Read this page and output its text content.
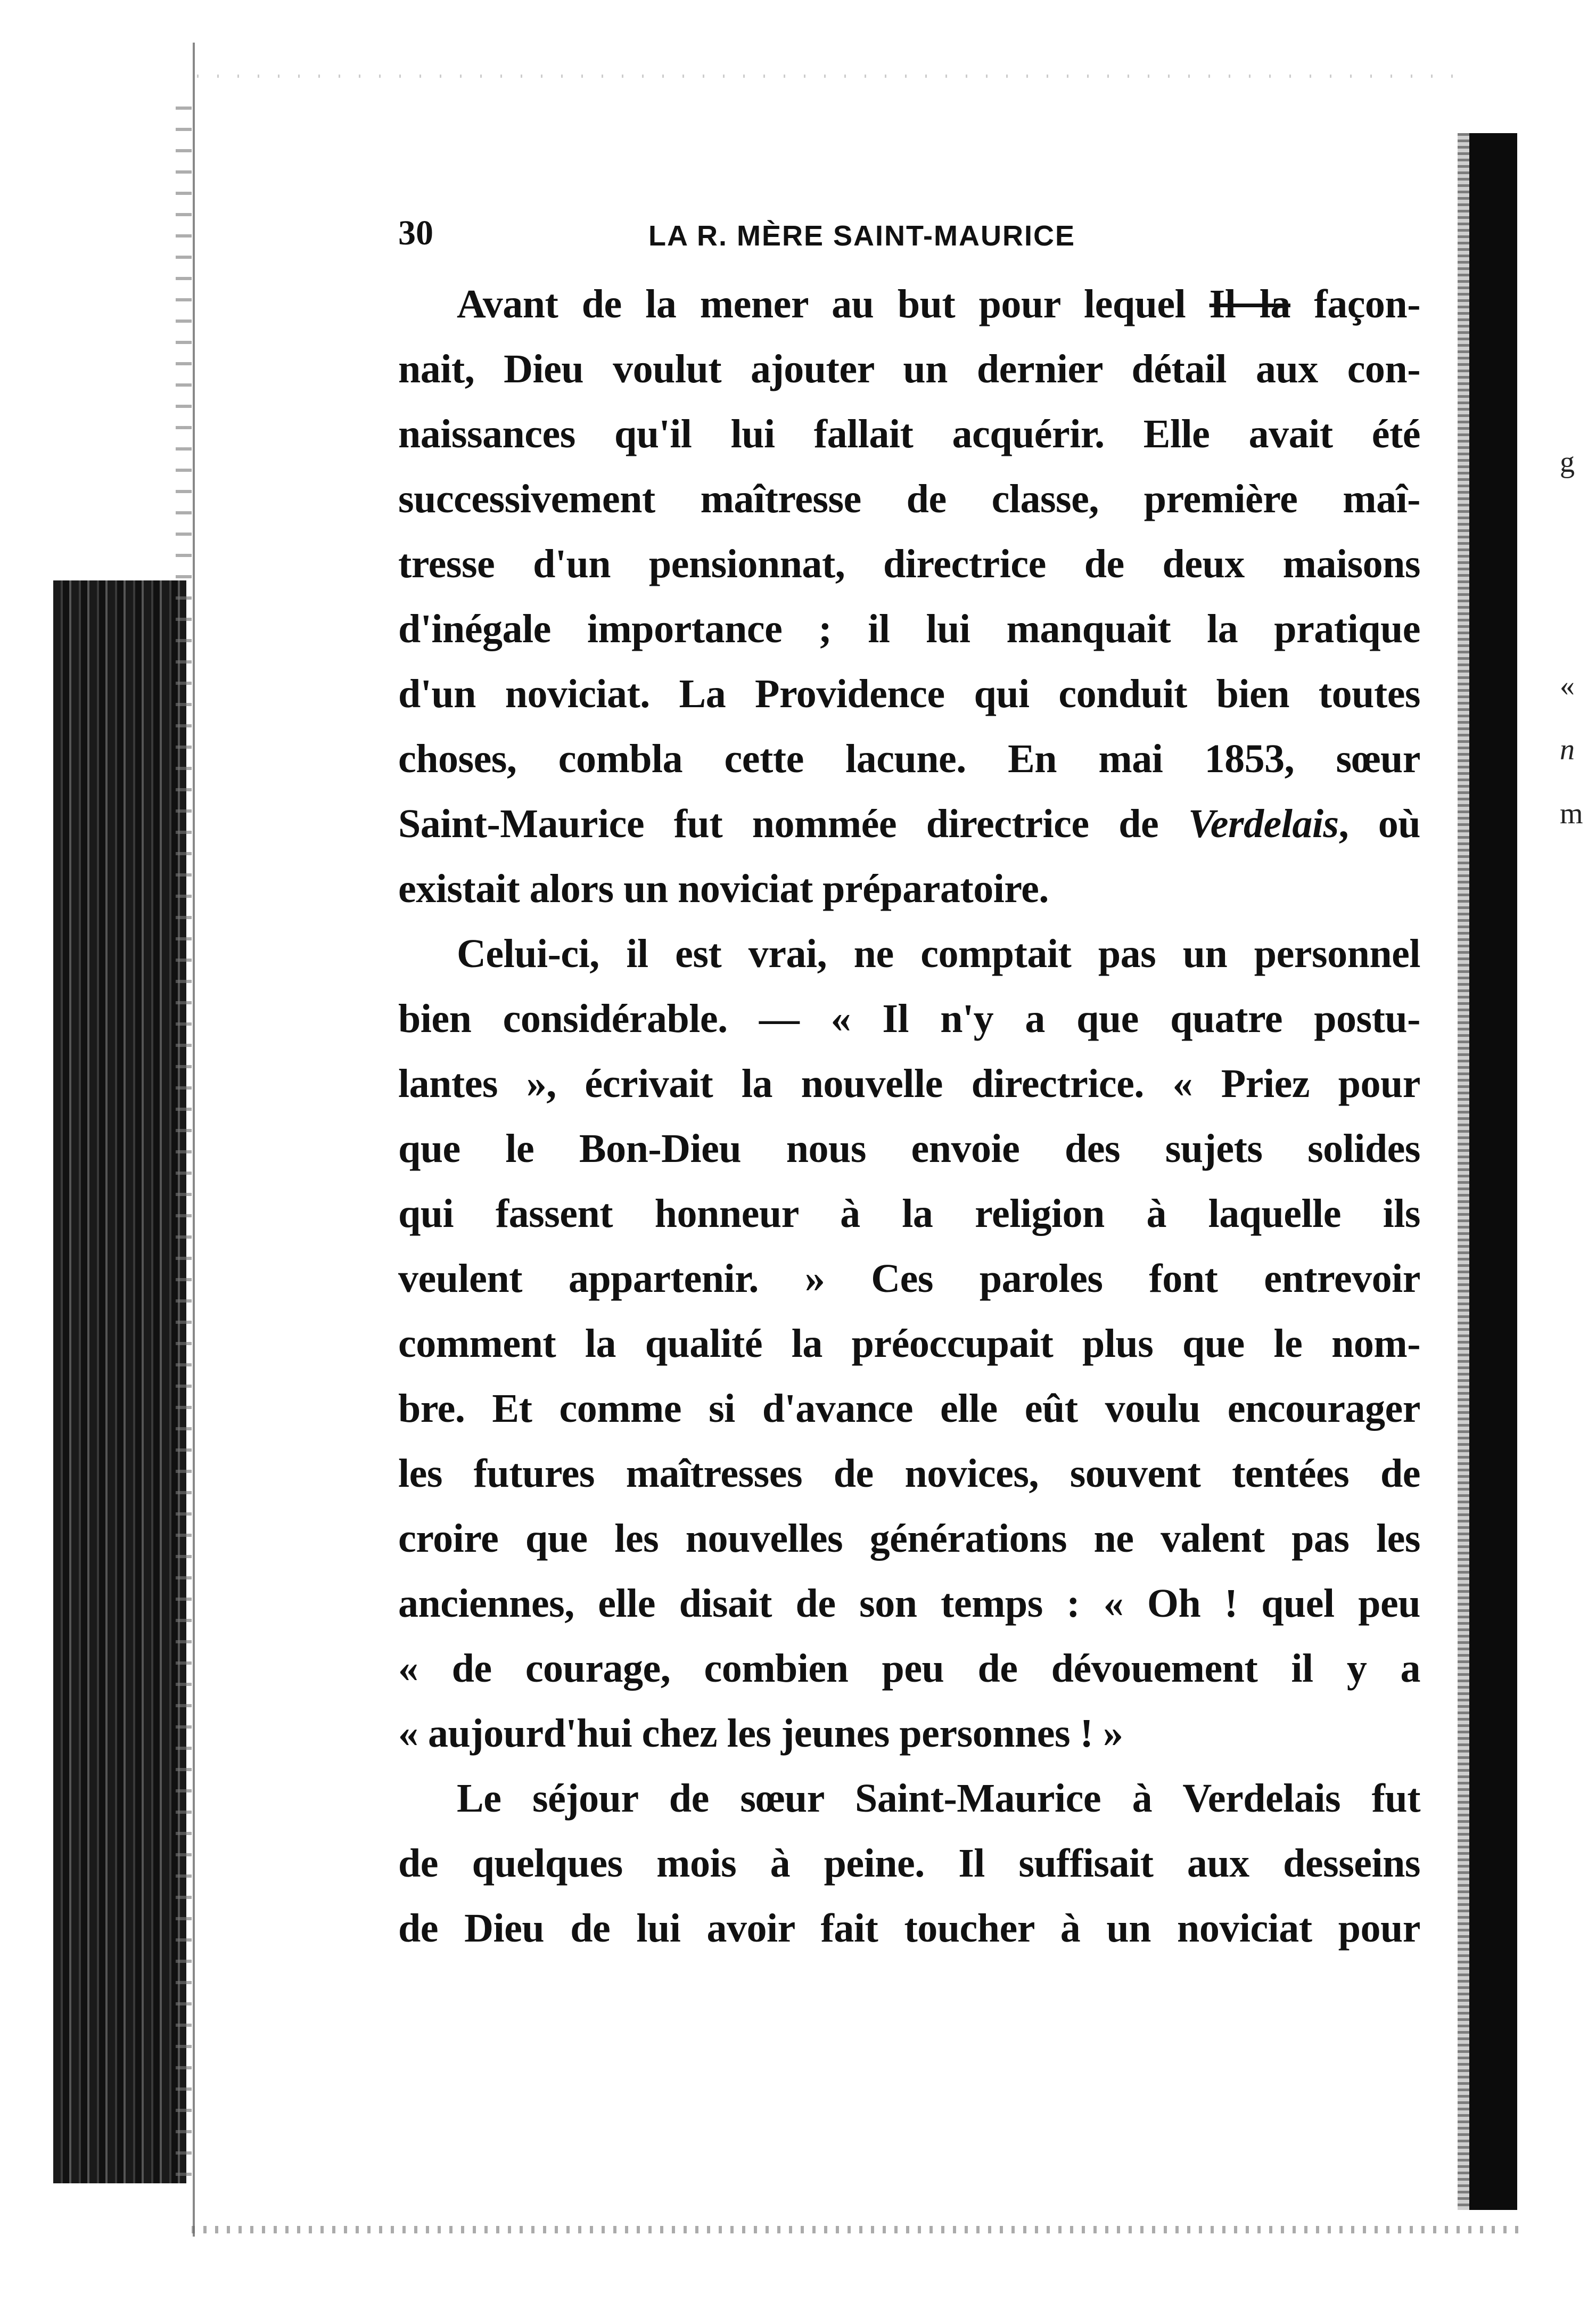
g
«
n
m
30	LA R. MÈRE SAINT-MAURICE
Avant de la mener au but pour lequel Il la façon-
nait, Dieu voulut ajouter un dernier détail aux con-
naissances qu'il lui fallait acquérir. Elle avait été
successivement maîtresse de classe, première maî-
tresse d'un pensionnat, directrice de deux maisons
d'inégale importance ; il lui manquait la pratique
d'un noviciat. La Providence qui conduit bien toutes
choses, combla cette lacune. En mai 1853, sœur
Saint-Maurice fut nommée directrice de Verdelais, où
existait alors un noviciat préparatoire.
Celui-ci, il est vrai, ne comptait pas un personnel
bien considérable. — « Il n'y a que quatre postu-
lantes », écrivait la nouvelle directrice. « Priez pour
que le Bon-Dieu nous envoie des sujets solides
qui fassent honneur à la religion à laquelle ils
veulent appartenir. » Ces paroles font entrevoir
comment la qualité la préoccupait plus que le nom-
bre. Et comme si d'avance elle eût voulu encourager
les futures maîtresses de novices, souvent tentées de
croire que les nouvelles générations ne valent pas les
anciennes, elle disait de son temps : « Oh ! quel peu
« de courage, combien peu de dévouement il y a
« aujourd'hui chez les jeunes personnes ! »
Le séjour de sœur Saint-Maurice à Verdelais fut
de quelques mois à peine. Il suffisait aux desseins
de Dieu de lui avoir fait toucher à un noviciat pour
